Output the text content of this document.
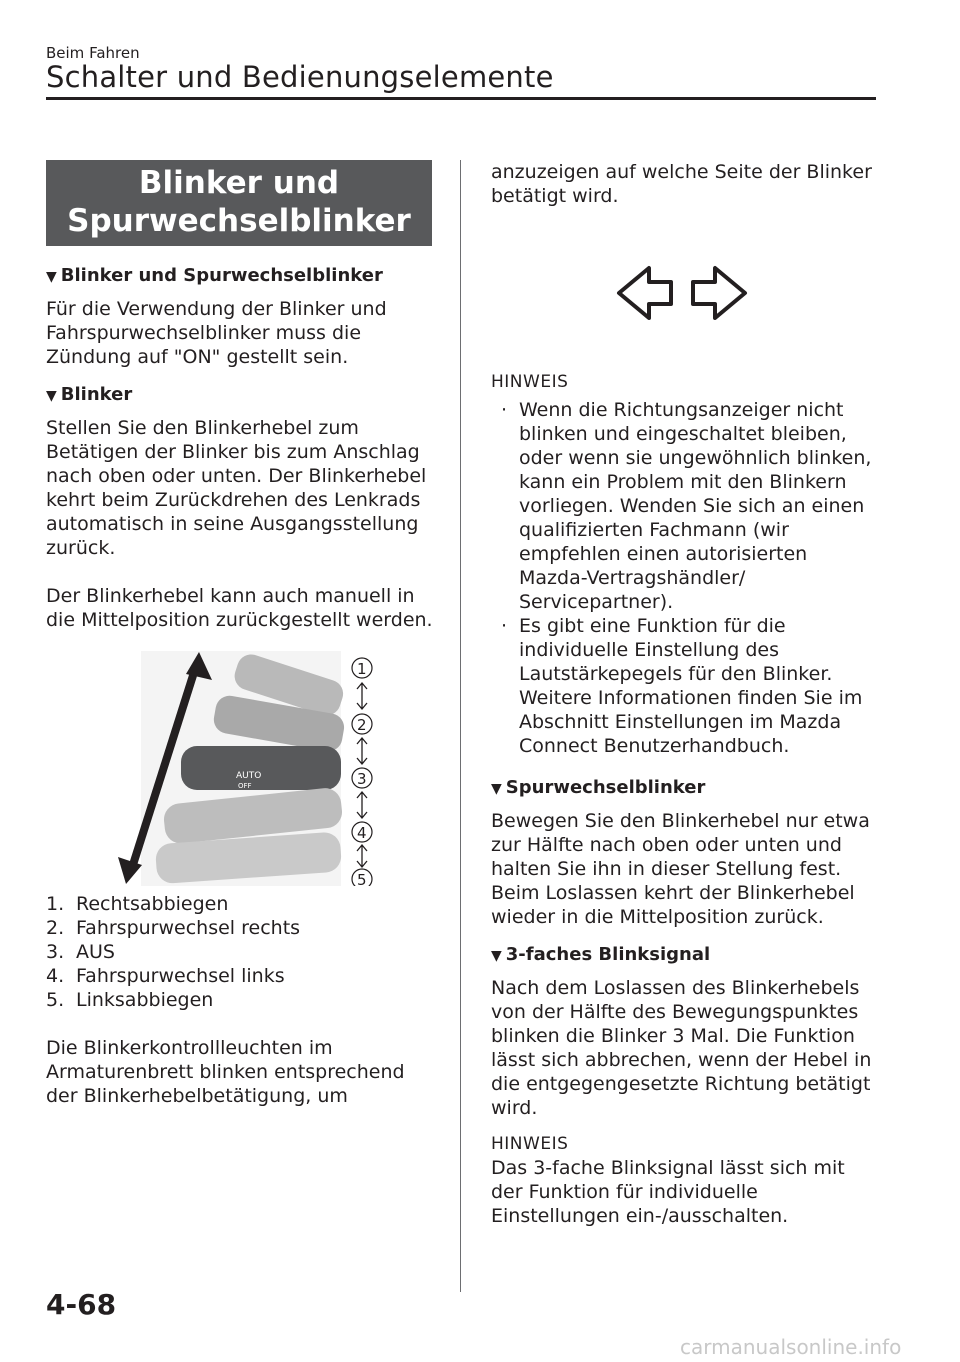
Beim Fahren
Schalter und Bedienungselemente
Blinker und
Spurwechselblinker
▼ Blinker und Spurwechselblinker
Für die Verwendung der Blinker und Fahrspurwechselblinker muss die Zündung auf "ON" gestellt sein.
▼ Blinker
Stellen Sie den Blinkerhebel zum Betätigen der Blinker bis zum Anschlag nach oben oder unten. Der Blinkerhebel kehrt beim Zurückdrehen des Lenkrads automatisch in seine Ausgangsstellung zurück.
Der Blinkerhebel kann auch manuell in die Mittelposition zurückgestellt werden.
AUTO
OFF
1
2
3
4
5
1. Rechtsabbiegen
2. Fahrspurwechsel rechts
3. AUS
4. Fahrspurwechsel links
5. Linksabbiegen
Die Blinkerkontrollleuchten im Armaturenbrett blinken entsprechend der Blinkerhebelbetätigung, um
anzuzeigen auf welche Seite der Blinker betätigt wird.
HINWEIS
· Wenn die Richtungsanzeiger nicht blinken und eingeschaltet bleiben, oder wenn sie ungewöhnlich blinken, kann ein Problem mit den Blinkern vorliegen. Wenden Sie sich an einen qualifizierten Fachmann (wir empfehlen einen autorisierten Mazda-Vertragshändler/ Servicepartner).
· Es gibt eine Funktion für die individuelle Einstellung des Lautstärkepegels für den Blinker. Weitere Informationen finden Sie im Abschnitt Einstellungen im Mazda Connect Benutzerhandbuch.
▼ Spurwechselblinker
Bewegen Sie den Blinkerhebel nur etwa zur Hälfte nach oben oder unten und halten Sie ihn in dieser Stellung fest. Beim Loslassen kehrt der Blinkerhebel wieder in die Mittelposition zurück.
▼ 3-faches Blinksignal
Nach dem Loslassen des Blinkerhebels von der Hälfte des Bewegungspunktes blinken die Blinker 3 Mal. Die Funktion lässt sich abbrechen, wenn der Hebel in die entgegengesetzte Richtung betätigt wird.
HINWEIS
Das 3-fache Blinksignal lässt sich mit der Funktion für individuelle Einstellungen ein-/ausschalten.
4-68
carmanualsonline.info
